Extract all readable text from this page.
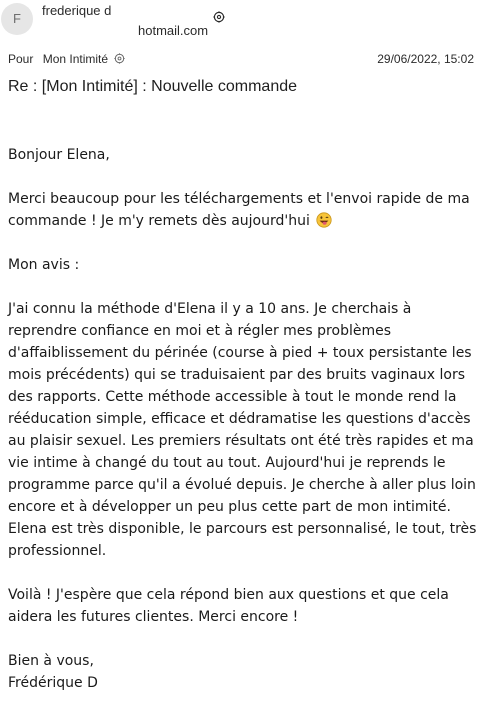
F
frederique d
hotmail.com
Pour Mon Intimité	29/06/2022, 15:02
Re : [Mon Intimité] : Nouvelle commande

Bonjour Elena,

Merci beaucoup pour les téléchargements et l'envoi rapide de ma commande ! Je m'y remets dès aujourd'hui

Mon avis :

J'ai connu la méthode d'Elena il y a 10 ans. Je cherchais à reprendre confiance en moi et à régler mes problèmes d'affaiblissement du périnée (course à pied + toux persistante les mois précédents) qui se traduisaient par des bruits vaginaux lors des rapports. Cette méthode accessible à tout le monde rend la rééducation simple, efficace et dédramatise les questions d'accès au plaisir sexuel. Les premiers résultats ont été très rapides et ma vie intime à changé du tout au tout. Aujourd'hui je reprends le programme parce qu'il a évolué depuis. Je cherche à aller plus loin encore et à développer un peu plus cette part de mon intimité. Elena est très disponible, le parcours est personnalisé, le tout, très professionnel.

Voilà ! J'espère que cela répond bien aux questions et que cela aidera les futures clientes. Merci encore !

Bien à vous,
Frédérique D
